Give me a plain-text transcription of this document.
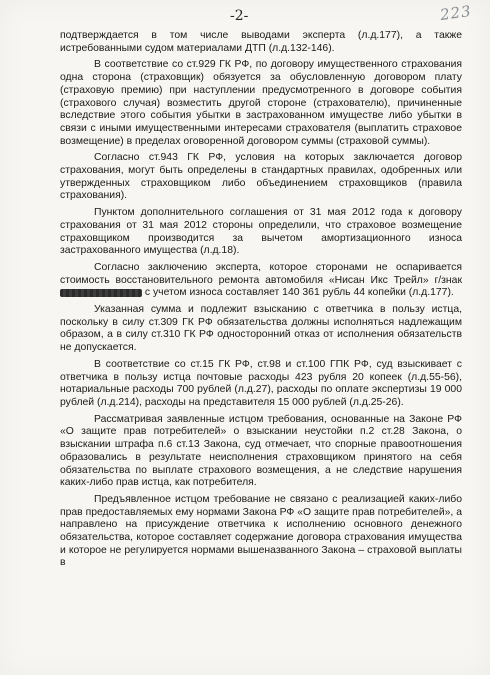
-2-	223

подтверждается в том числе выводами эксперта (л.д.177), а также истребованными судом материалами ДТП (л.д.132-146).

В соответствие со ст.929 ГК РФ, по договору имущественного страхования одна сторона (страховщик) обязуется за обусловленную договором плату (страховую премию) при наступлении предусмотренного в договоре события (страхового случая) возместить другой стороне (страхователю), причиненные вследствие этого события убытки в застрахованном имуществе либо убытки в связи с иными имущественными интересами страхователя (выплатить страховое возмещение) в пределах оговоренной договором суммы (страховой суммы).

Согласно ст.943 ГК РФ, условия на которых заключается договор страхования, могут быть определены в стандартных правилах, одобренных или утвержденных страховщиком либо объединением страховщиков (правила страхования).

Пунктом дополнительного соглашения от 31 мая 2012 года к договору страхования от 31 мая 2012 стороны определили, что страховое возмещение страховщиком производится за вычетом амортизационного износа застрахованного имущества (л.д.18).

Согласно заключению эксперта, которое сторонами не оспаривается стоимость восстановительного ремонта автомобиля «Нисан Икс Трейл» г/знак  с учетом износа составляет 140 361 рубль 44 копейки (л.д.177).

Указанная сумма и подлежит взысканию с ответчика в пользу истца, поскольку в силу ст.309 ГК РФ обязательства должны исполняться надлежащим образом, а в силу ст.310 ГК РФ односторонний отказ от исполнения обязательств не допускается.

В соответствие со ст.15 ГК РФ, ст.98 и ст.100 ГПК РФ, суд взыскивает с ответчика в пользу истца почтовые расходы 423 рубля 20 копеек (л.д.55-56), нотариальные расходы 700 рублей (л.д.27), расходы по оплате экспертизы 19 000 рублей (л.д.214), расходы на представителя 15 000 рублей (л.д.25-26).

Рассматривая заявленные истцом требования, основанные на Законе РФ «О защите прав потребителей» о взыскании неустойки п.2 ст.28 Закона, о взыскании штрафа п.6 ст.13 Закона, суд отмечает, что спорные правоотношения образовались в результате неисполнения страховщиком принятого на себя обязательства по выплате страхового возмещения, а не следствие нарушения каких-либо прав истца, как потребителя.

Предъявленное истцом требование не связано с реализацией каких-либо прав предоставляемых ему нормами Закона РФ «О защите прав потребителей», а направлено на присуждение ответчика к исполнению основного денежного обязательства, которое составляет содержание договора страхования имущества и которое не регулируется нормами вышеназванного Закона – страховой выплаты в
